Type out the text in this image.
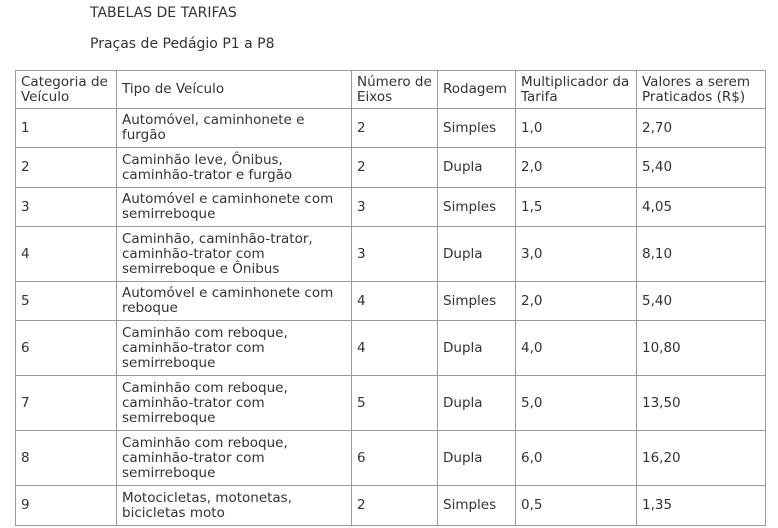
TABELAS DE TARIFAS
Praças de Pedágio P1 a P8
Categoria de Veículo	Tipo de Veículo	Número de Eixos	Rodagem	Multiplicador da Tarifa	Valores a serem Praticados (R$)
1	Automóvel, caminhonete e furgão	2	Simples	1,0	2,70
2	Caminhão leve, Ônibus, caminhão-trator e furgão	2	Dupla	2,0	5,40
3	Automóvel e caminhonete com semirreboque	3	Simples	1,5	4,05
4	Caminhão, caminhão-trator, caminhão-trator com semirreboque e Ônibus	3	Dupla	3,0	8,10
5	Automóvel e caminhonete com reboque	4	Simples	2,0	5,40
6	Caminhão com reboque, caminhão-trator com semirreboque	4	Dupla	4,0	10,80
7	Caminhão com reboque, caminhão-trator com semirreboque	5	Dupla	5,0	13,50
8	Caminhão com reboque, caminhão-trator com semirreboque	6	Dupla	6,0	16,20
9	Motocicletas, motonetas, bicicletas moto	2	Simples	0,5	1,35
